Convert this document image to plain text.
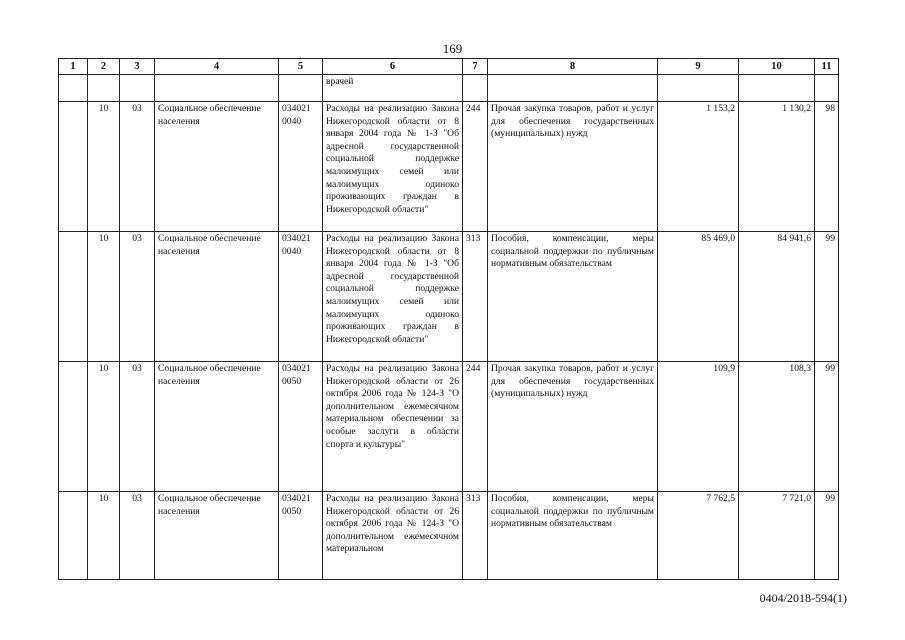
169
1	2	3	4	5	6	7	8	9	10	11
					врачей					
	10	03	Социальное обеспечение населения	034021 0040	Расходы на реализацию Закона Нижегородской области от 8 января 2004 года № 1-З "Об адресной государственной социальной поддержке малоимущих семей или малоимущих одиноко проживающих граждан в Нижегородской области"	244	Прочая закупка товаров, работ и услуг для обеспечения государственных (муниципальных) нужд	1 153,2	1 130,2	98
	10	03	Социальное обеспечение населения	034021 0040	Расходы на реализацию Закона Нижегородской области от 8 января 2004 года № 1-З "Об адресной государственной социальной поддержке малоимущих семей или малоимущих одиноко проживающих граждан в Нижегородской области"	313	Пособия, компенсации, меры социальной поддержки по публичным нормативным обязательствам	85 469,0	84 941,6	99
	10	03	Социальное обеспечение населения	034021 0050	Расходы на реализацию Закона Нижегородской области от 26 октября 2006 года № 124-З "О дополнительном ежемесячном материальном обеспечении за особые заслуги в области спорта и культуры"	244	Прочая закупка товаров, работ и услуг для обеспечения государственных (муниципальных) нужд	109,9	108,3	99
	10	03	Социальное обеспечение населения	034021 0050	Расходы на реализацию Закона Нижегородской области от 26 октября 2006 года № 124-З "О дополнительном ежемесячном материальном	313	Пособия, компенсации, меры социальной поддержки по публичным нормативным обязательствам	7 762,5	7 721,0	99
0404/2018-594(1)
